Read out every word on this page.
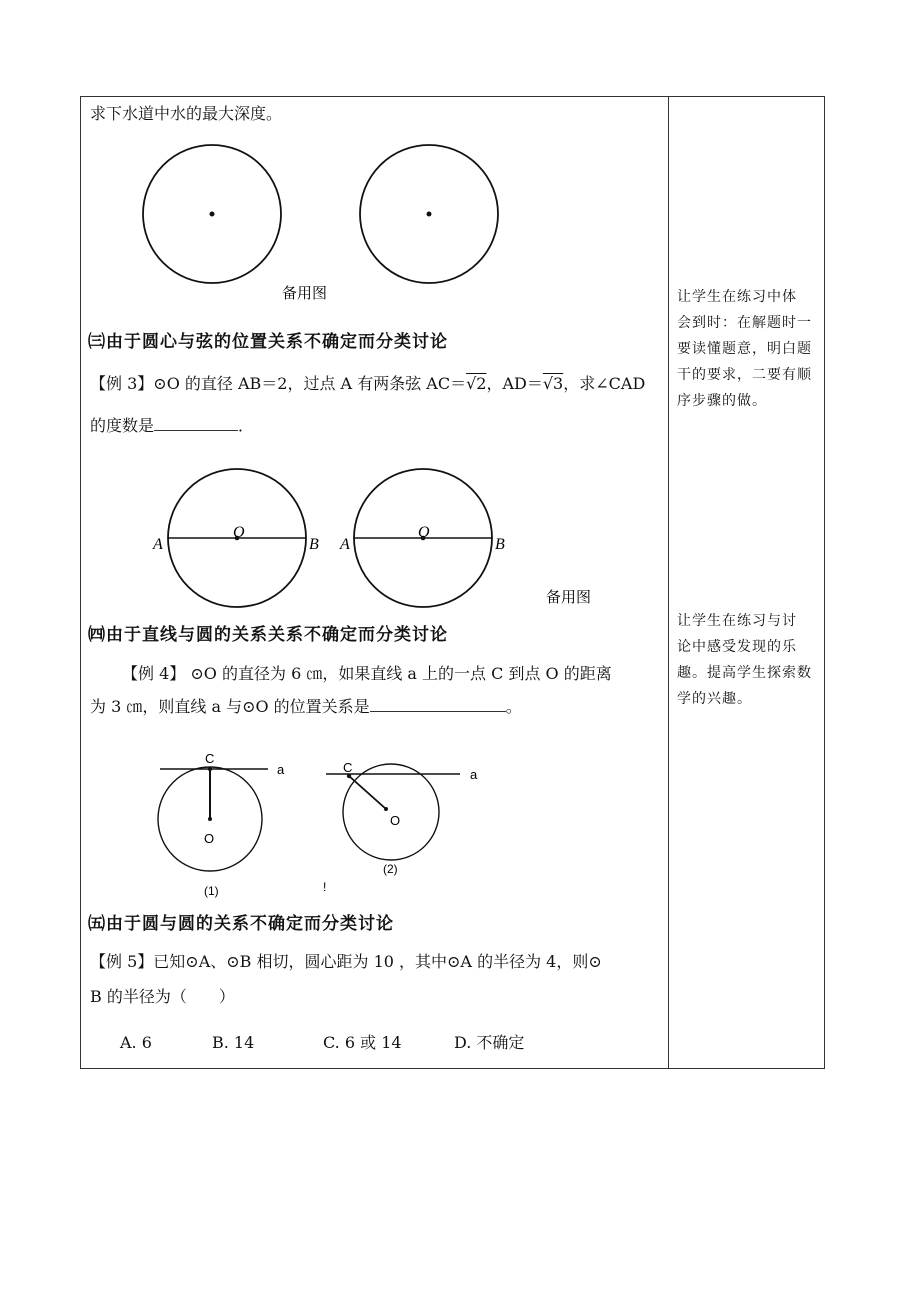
求下水道中水的最大深度。
备用图
㈢由于圆心与弦的位置关系不确定而分类讨论
【例 3】⊙O 的直径 AB＝2，过点 A 有两条弦 AC＝√2，AD＝√3，求∠CAD
的度数是	．
A	B
O
A	B
O
备用图
㈣由于直线与圆的关系关系不确定而分类讨论
【例 4】 ⊙O 的直径为 6 ㎝，如果直线 a 上的一点 C 到点 O 的距离
为 3 ㎝，则直线 a 与⊙O 的位置关系是	。
C
a
O
(1)	!
C	a
O
(2)
㈤由于圆与圆的关系不确定而分类讨论
【例 5】已知⊙A、⊙B 相切，圆心距为 10 ，其中⊙A 的半径为 4，则⊙
B 的半径为（　　）
A. 6	B. 14	C. 6 或 14	D. 不确定

让学生在练习中体

会到时：在解题时一

要读懂题意，明白题

干的要求，二要有顺

序步骤的做。

让学生在练习与讨

论中感受发现的乐

趣。提高学生探索数

学的兴趣。
